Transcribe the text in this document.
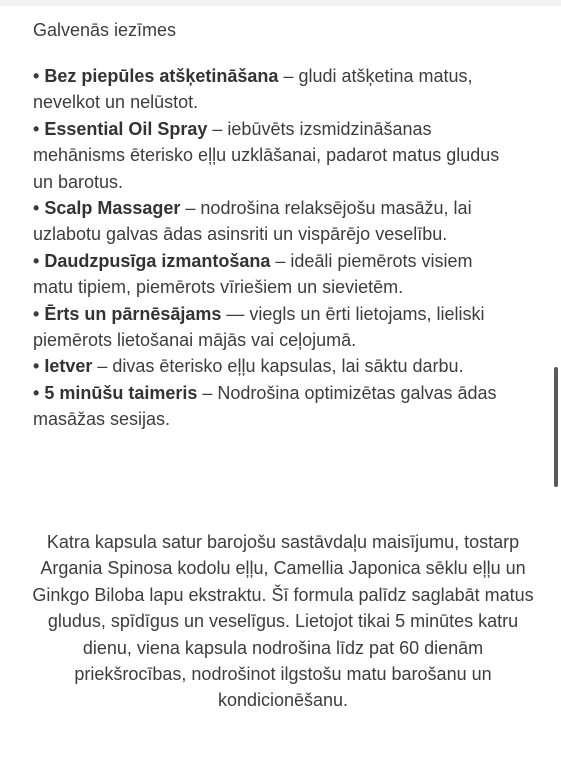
Galvenās iezīmes
• Bez piepūles atšķetināšana – gludi atšķetina matus, nevelkot un nelūstot.
• Essential Oil Spray – iebūvēts izsmidzināšanas mehānisms ēterisko eļļu uzklāšanai, padarot matus gludus un barotus.
• Scalp Massager – nodrošina relaksējošu masāžu, lai uzlabotu galvas ādas asinsriti un vispārējo veselību.
• Daudzpusīga izmantošana – ideāli piemērots visiem matu tipiem, piemērots vīriešiem un sievietēm.
• Ērts un pārnēsājams — viegls un ērti lietojams, lieliski piemērots lietošanai mājās vai ceļojumā.
• Ietver – divas ēterisko eļļu kapsulas, lai sāktu darbu.
• 5 minūšu taimeris – Nodrošina optimizētas galvas ādas masāžas sesijas.

Katra kapsula satur barojošu sastāvdaļu maisījumu, tostarp Argania Spinosa kodolu eļļu, Camellia Japonica sēklu eļļu un Ginkgo Biloba lapu ekstraktu. Šī formula palīdz saglabāt matus gludus, spīdīgus un veselīgus. Lietojot tikai 5 minūtes katru dienu, viena kapsula nodrošina līdz pat 60 dienām priekšrocības, nodrošinot ilgstošu matu barošanu un kondicionēšanu.
